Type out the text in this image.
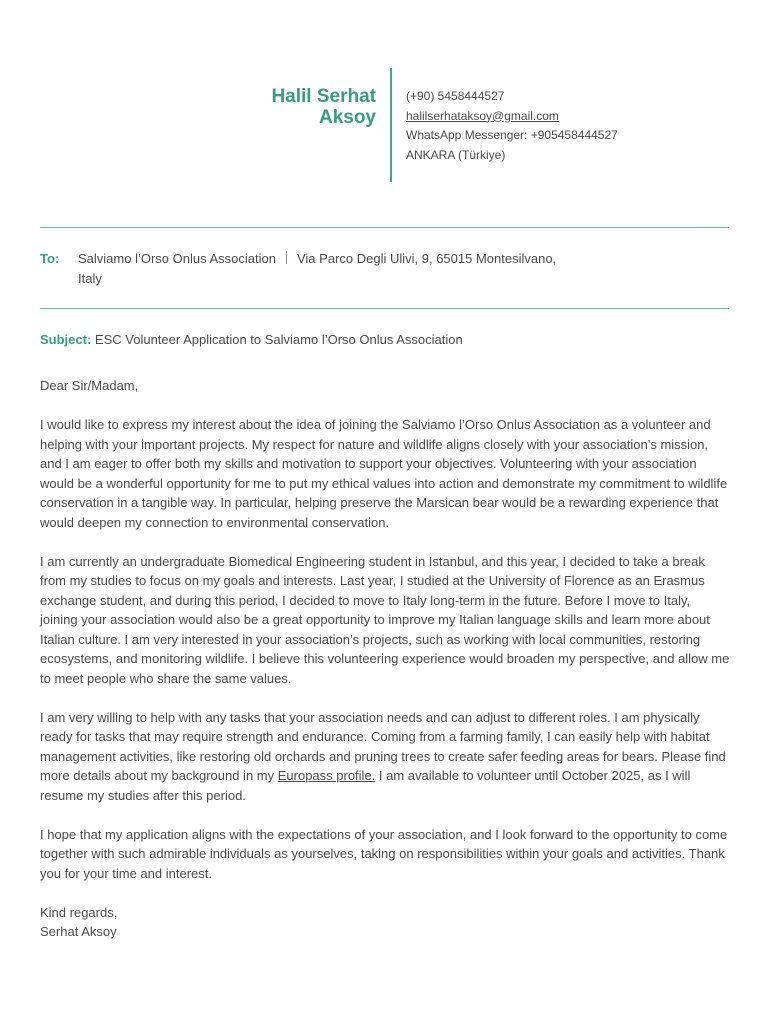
Halil Serhat
Aksoy
(+90) 5458444527
halilserhataksoy@gmail.com
WhatsApp Messenger: +905458444527
ANKARA (Türkiye)
To: Salviamo l’Orso Onlus Association Via Parco Degli Ulivi, 9, 65015 Montesilvano,
Italy
Subject: ESC Volunteer Application to Salviamo l’Orso Onlus Association

Dear Sir/Madam,

I would like to express my interest about the idea of joining the Salviamo l’Orso Onlus Association as a volunteer and helping with your important projects. My respect for nature and wildlife aligns closely with your association’s mission, and I am eager to offer both my skills and motivation to support your objectives. Volunteering with your association would be a wonderful opportunity for me to put my ethical values into action and demonstrate my commitment to wildlife conservation in a tangible way. In particular, helping preserve the Marsican bear would be a rewarding experience that would deepen my connection to environmental conservation.

I am currently an undergraduate Biomedical Engineering student in Istanbul, and this year, I decided to take a break from my studies to focus on my goals and interests. Last year, I studied at the University of Florence as an Erasmus exchange student, and during this period, I decided to move to Italy long-term in the future. Before I move to Italy, joining your association would also be a great opportunity to improve my Italian language skills and learn more about Italian culture. I am very interested in your association’s projects, such as working with local communities, restoring ecosystems, and monitoring wildlife. I believe this volunteering experience would broaden my perspective, and allow me to meet people who share the same values.

I am very willing to help with any tasks that your association needs and can adjust to different roles. I am physically ready for tasks that may require strength and endurance. Coming from a farming family, I can easily help with habitat management activities, like restoring old orchards and pruning trees to create safer feeding areas for bears. Please find more details about my background in my Europass profile. I am available to volunteer until October 2025, as I will resume my studies after this period.

I hope that my application aligns with the expectations of your association, and I look forward to the opportunity to come together with such admirable individuals as yourselves, taking on responsibilities within your goals and activities. Thank you for your time and interest.

Kind regards,
Serhat Aksoy
